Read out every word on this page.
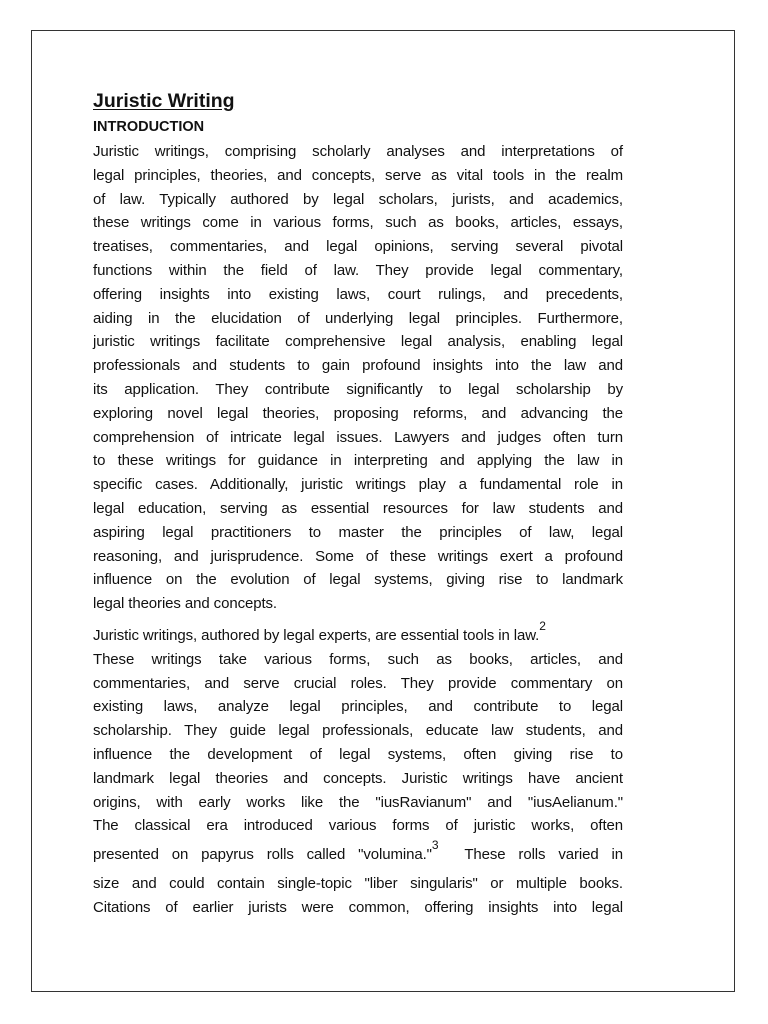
Juristic Writing
INTRODUCTION

Juristic writings, comprising scholarly analyses and interpretations of
legal principles, theories, and concepts, serve as vital tools in the realm
of law. Typically authored by legal scholars, jurists, and academics,
these writings come in various forms, such as books, articles, essays,
treatises, commentaries, and legal opinions, serving several pivotal
functions within the field of law. They provide legal commentary,
offering insights into existing laws, court rulings, and precedents,
aiding in the elucidation of underlying legal principles. Furthermore,
juristic writings facilitate comprehensive legal analysis, enabling legal
professionals and students to gain profound insights into the law and
its application. They contribute significantly to legal scholarship by
exploring novel legal theories, proposing reforms, and advancing the
comprehension of intricate legal issues. Lawyers and judges often turn
to these writings for guidance in interpreting and applying the law in
specific cases. Additionally, juristic writings play a fundamental role in
legal education, serving as essential resources for law students and
aspiring legal practitioners to master the principles of law, legal
reasoning, and jurisprudence. Some of these writings exert a profound
influence on the evolution of legal systems, giving rise to landmark
legal theories and concepts.

Juristic writings, authored by legal experts, are essential tools in law.$^2$
These writings take various forms, such as books, articles, and
commentaries, and serve crucial roles. They provide commentary on
existing laws, analyze legal principles, and contribute to legal
scholarship. They guide legal professionals, educate law students, and
influence the development of legal systems, often giving rise to
landmark legal theories and concepts. Juristic writings have ancient
origins, with early works like the "iusRavianum" and "iusAelianum."
The classical era introduced various forms of juristic works, often
presented on papyrus rolls called "volumina."$^3$  These rolls varied in
size and could contain single-topic "liber singularis" or multiple books.
Citations of earlier jurists were common, offering insights into legal
